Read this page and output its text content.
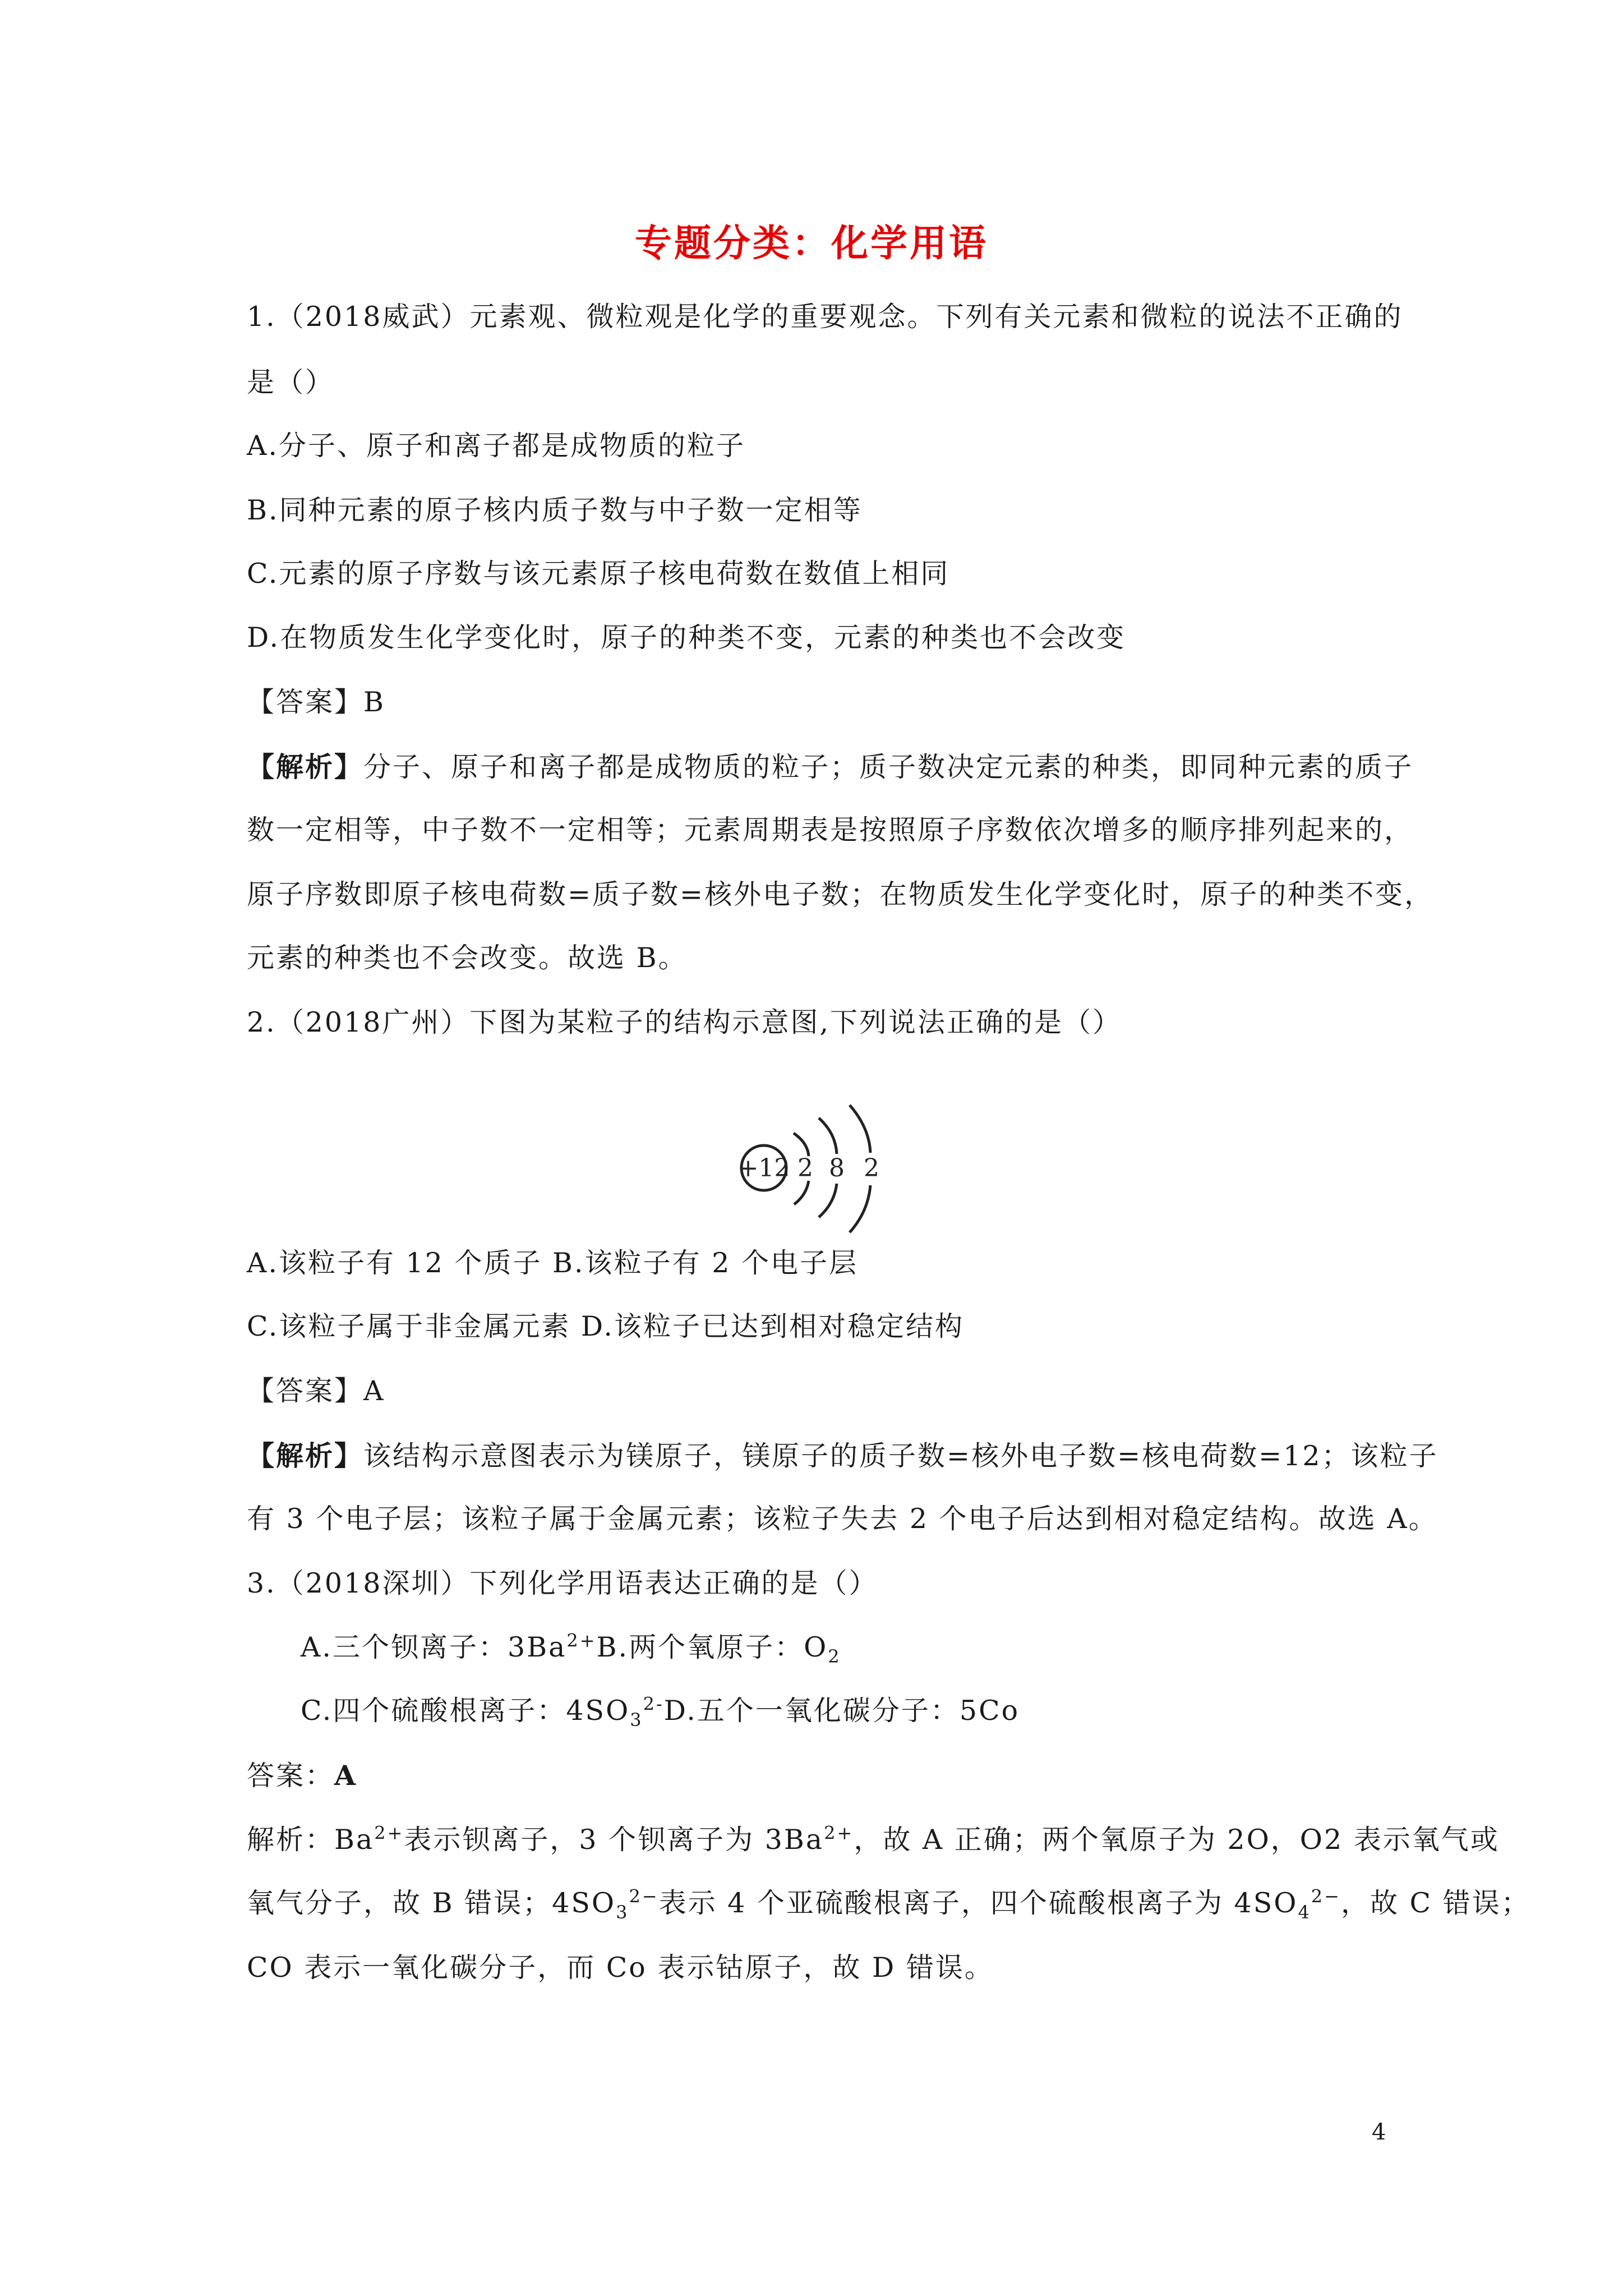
专题分类：化学用语
1.（2018威武）元素观、微粒观是化学的重要观念。下列有关元素和微粒的说法不正确的
是（）
A.分子、原子和离子都是成物质的粒子
B.同种元素的原子核内质子数与中子数一定相等
C.元素的原子序数与该元素原子核电荷数在数值上相同
D.在物质发生化学变化时，原子的种类不变，元素的种类也不会改变
【答案】B
【解析】分子、原子和离子都是成物质的粒子；质子数决定元素的种类，即同种元素的质子
数一定相等，中子数不一定相等；元素周期表是按照原子序数依次增多的顺序排列起来的，
原子序数即原子核电荷数=质子数=核外电子数；在物质发生化学变化时，原子的种类不变，
元素的种类也不会改变。故选 B。
2.（2018广州）下图为某粒子的结构示意图,下列说法正确的是（）
+12 2 8 2
A.该粒子有 12 个质子 B.该粒子有 2 个电子层
C.该粒子属于非金属元素 D.该粒子已达到相对稳定结构
【答案】A
【解析】该结构示意图表示为镁原子，镁原子的质子数=核外电子数=核电荷数=12；该粒子
有 3 个电子层；该粒子属于金属元素；该粒子失去 2 个电子后达到相对稳定结构。故选 A。
3.（2018深圳）下列化学用语表达正确的是（）
A.三个钡离子：$3Ba^{2+}B$.两个氧原子：$O_2$
C.四个硫酸根离子：$4SO_3^{2-}D$.五个一氧化碳分子：5Co
答案：A
解析：$Ba^{2+}$表示钡离子，3 个钡离子为 $3Ba^{2+}$，故 A 正确；两个氧原子为 2O，O2 表示氧气或
氧气分子，故 B 错误；$4SO_3^{2-}$表示 4 个亚硫酸根离子，四个硫酸根离子为 $4SO_4^{2-}$，故 C 错误；
CO 表示一氧化碳分子，而 Co 表示钴原子，故 D 错误。
4
